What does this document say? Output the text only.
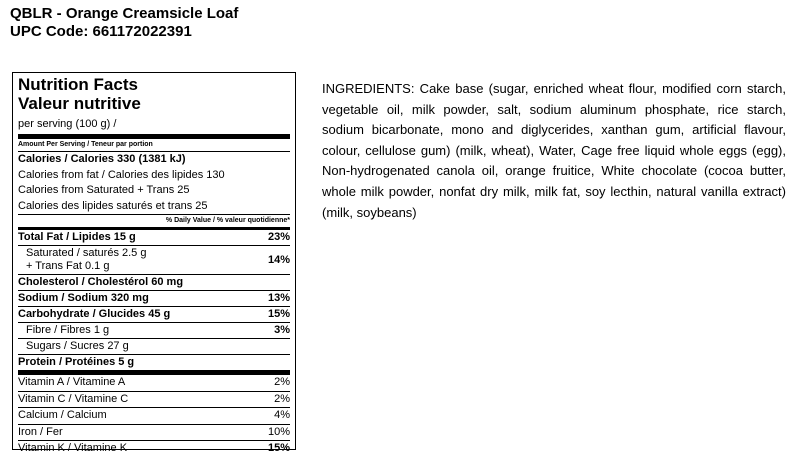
QBLR - Orange Creamsicle Loaf
UPC Code: 661172022391
Nutrition Facts
Valeur nutritive
per serving (100 g) /
Amount Per Serving / Teneur par portion
Calories / Calories 330 (1381 kJ)
Calories from fat / Calories des lipides 130
Calories from Saturated + Trans 25
Calories des lipides saturés et trans 25
% Daily Value / % valeur quotidienne*
Total Fat / Lipides 15 g	23%
Saturated / saturés 2.5 g
+ Trans Fat 0.1 g	14%
Cholesterol / Cholestérol 60 mg
Sodium / Sodium 320 mg	13%
Carbohydrate / Glucides 45 g	15%
Fibre / Fibres 1 g	3%
Sugars / Sucres 27 g
Protein / Protéines 5 g
Vitamin A / Vitamine A	2%
Vitamin C / Vitamine C	2%
Calcium / Calcium	4%
Iron / Fer	10%
Vitamin K / Vitamine K	15%
INGREDIENTS: Cake base (sugar, enriched wheat flour, modified corn starch, vegetable oil, milk powder, salt, sodium aluminum phosphate, rice starch, sodium bicarbonate, mono and diglycerides, xanthan gum, artificial flavour, colour, cellulose gum) (milk, wheat), Water, Cage free liquid whole eggs (egg), Non-hydrogenated canola oil, orange fruitice, White chocolate (cocoa butter, whole milk powder, nonfat dry milk, milk fat, soy lecthin, natural vanilla extract) (milk, soybeans)
